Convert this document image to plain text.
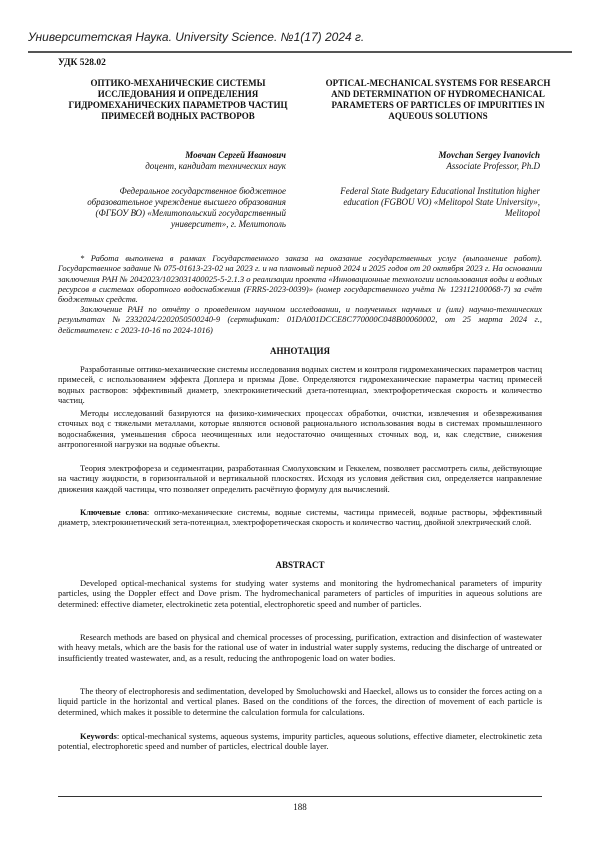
Университетская Наука. University Science. №1(17) 2024 г.
УДК 528.02
ОПТИКО-МЕХАНИЧЕСКИЕ СИСТЕМЫ ИССЛЕДОВАНИЯ И ОПРЕДЕЛЕНИЯ ГИДРОМЕХАНИЧЕСКИХ ПАРАМЕТРОВ ЧАСТИЦ ПРИМЕСЕЙ ВОДНЫХ РАСТВОРОВ
OPTICAL-MECHANICAL SYSTEMS FOR RESEARCH AND DETERMINATION OF HYDROMECHANICAL PARAMETERS OF PARTICLES OF IMPURITIES IN AQUEOUS SOLUTIONS
Мовчан Сергей Иванович
доцент, кандидат технических наук
Movchan Sergey Ivanovich
Associate Professor, Ph.D
Федеральное государственное бюджетное образовательное учреждение высшего образования (ФГБОУ ВО) «Мелитопольский государственный университет», г. Мелитополь
Federal State Budgetary Educational Institution higher education (FGBOU VO) «Melitopol State University», Melitopol
* Работа выполнена в рамках Государственного заказа на оказание государственных услуг (выполнение работ). Государственное задание № 075-01613-23-02 на 2023 г. и на плановый период 2024 и 2025 годов от 20 октября 2023 г. На основании заключения РАН № 2042023/1023031400025-5-2.1.3 о реализации проекта «Инновационные технологии использования воды и водных ресурсов в системах оборотного водоснабжения (FRRS-2023-0039)» (номер государственного учёта № 123112100068-7) за счёт бюджетных средств.
Заключение РАН по отчёту о проведенном научном исследовании, и полученных научных и (или) научно-технических результатах №2332024/2202050500240-9 (сертификат: 01DA001DCCE8C770000C048B00060002, от 25 марта 2024 г., действителен: с 2023-10-16 по 2024-1016)
АННОТАЦИЯ
Разработанные оптико-механические системы исследования водных систем и контроля гидромеханических параметров частиц примесей, с использованием эффекта Доплера и призмы Дове. Определяются гидромеханические параметры частиц примесей водных растворов: эффективный диаметр, электрокинетический дзета-потенциал, электрофоретическая скорость и количество частиц.
Методы исследований базируются на физико-химических процессах обработки, очистки, извлечения и обезвреживания сточных вод с тяжелыми металлами, которые являются основой рационального использования воды в системах промышленного водоснабжения, уменьшения сброса неочищенных или недостаточно очищенных сточных вод, и, как следствие, снижения антропогенной нагрузки на водные объекты.
Теория электрофореза и седиментации, разработанная Смолуховским и Геккелем, позволяет рассмотреть силы, действующие на частицу жидкости, в горизонтальной и вертикальной плоскостях. Исходя из условия действия сил, определяется направление движения каждой частицы, что позволяет определить расчётную формулу для вычислений.
Ключевые слова: оптико-механические системы, водные системы, частицы примесей, водные растворы, эффективный диаметр, электрокинетический зета-потенциал, электрофоретическая скорость и количество частиц, двойной электрический слой.
ABSTRACT
Developed optical-mechanical systems for studying water systems and monitoring the hydromechanical parameters of impurity particles, using the Doppler effect and Dove prism. The hydromechanical parameters of particles of impurities in aqueous solutions are determined: effective diameter, electrokinetic zeta potential, electrophoretic speed and number of particles.
Research methods are based on physical and chemical processes of processing, purification, extraction and disinfection of wastewater with heavy metals, which are the basis for the rational use of water in industrial water supply systems, reducing the discharge of untreated or insufficiently treated wastewater, and, as a result, reducing the anthropogenic load on water bodies.
The theory of electrophoresis and sedimentation, developed by Smoluchowski and Haeckel, allows us to consider the forces acting on a liquid particle in the horizontal and vertical planes. Based on the conditions of the forces, the direction of movement of each particle is determined, which makes it possible to determine the calculation formula for calculations.
Keywords: optical-mechanical systems, aqueous systems, impurity particles, aqueous solutions, effective diameter, electrokinetic zeta potential, electrophoretic speed and number of particles, electrical double layer.
188
